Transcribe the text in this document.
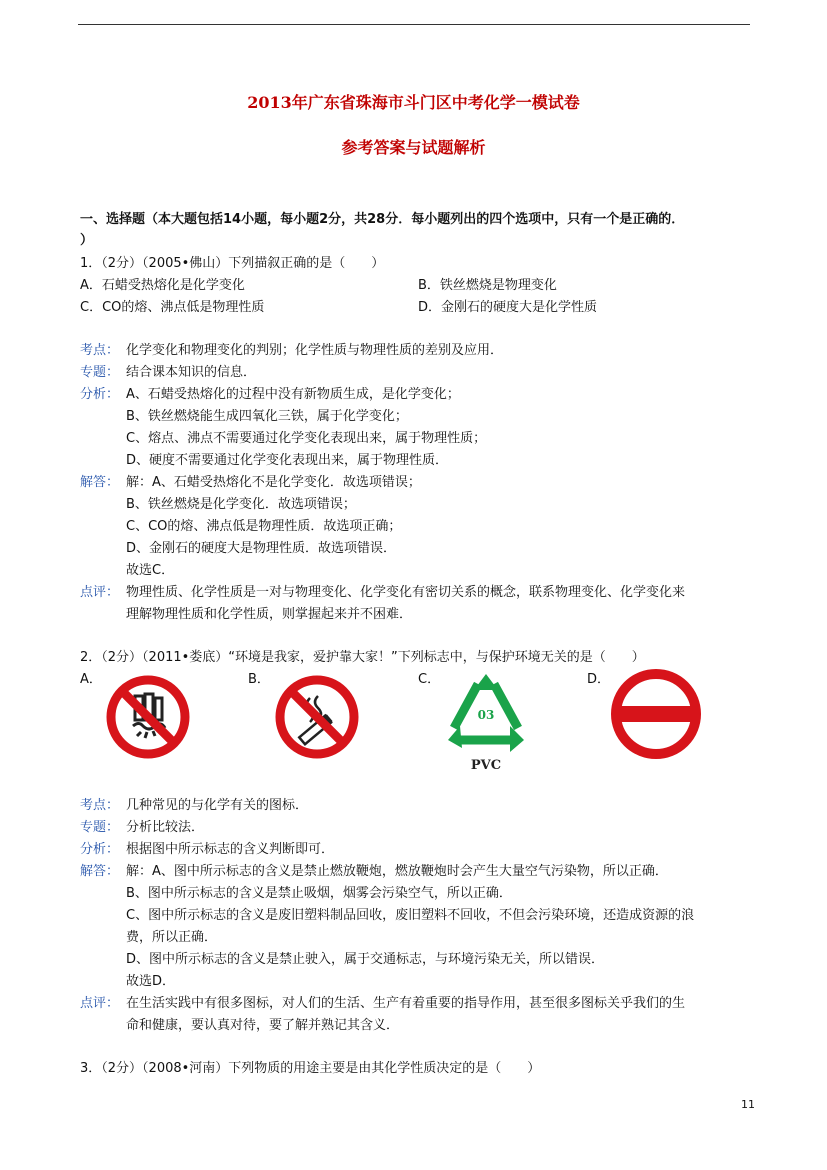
2013年广东省珠海市斗门区中考化学一模试卷
参考答案与试题解析
一、选择题（本大题包括14小题，每小题2分，共28分．每小题列出的四个选项中，只有一个是正确的．
）
1．（2分）（2005•佛山）下列描叙正确的是（　　）
A．石蜡受热熔化是化学变化	B．铁丝燃烧是物理变化
C．CO的熔、沸点低是物理性质	D．金刚石的硬度大是化学性质
考点： 化学变化和物理变化的判别；化学性质与物理性质的差别及应用．
专题： 结合课本知识的信息．
分析： A、石蜡受热熔化的过程中没有新物质生成，是化学变化；
B、铁丝燃烧能生成四氧化三铁，属于化学变化；
C、熔点、沸点不需要通过化学变化表现出来，属于物理性质；
D、硬度不需要通过化学变化表现出来，属于物理性质．
解答： 解：A、石蜡受热熔化不是化学变化．故选项错误；
B、铁丝燃烧是化学变化．故选项错误；
C、CO的熔、沸点低是物理性质．故选项正确；
D、金刚石的硬度大是物理性质．故选项错误．
故选C．
点评： 物理性质、化学性质是一对与物理变化、化学变化有密切关系的概念，联系物理变化、化学变化来
理解物理性质和化学性质，则掌握起来并不困难．
2．（2分）（2011•娄底）“环境是我家，爱护靠大家！”下列标志中，与保护环境无关的是（　　）
A．	B．	C．	D．
03
PVC
考点： 几种常见的与化学有关的图标．
专题： 分析比较法．
分析： 根据图中所示标志的含义判断即可．
解答： 解：A、图中所示标志的含义是禁止燃放鞭炮，燃放鞭炮时会产生大量空气污染物，所以正确．
B、图中所示标志的含义是禁止吸烟，烟雾会污染空气，所以正确．
C、图中所示标志的含义是废旧塑料制品回收，废旧塑料不回收，不但会污染环境，还造成资源的浪
费，所以正确．
D、图中所示标志的含义是禁止驶入，属于交通标志，与环境污染无关，所以错误．
故选D．
点评： 在生活实践中有很多图标，对人们的生活、生产有着重要的指导作用，甚至很多图标关乎我们的生
命和健康，要认真对待，要了解并熟记其含义．
3．（2分）（2008•河南）下列物质的用途主要是由其化学性质决定的是（　　）
11
